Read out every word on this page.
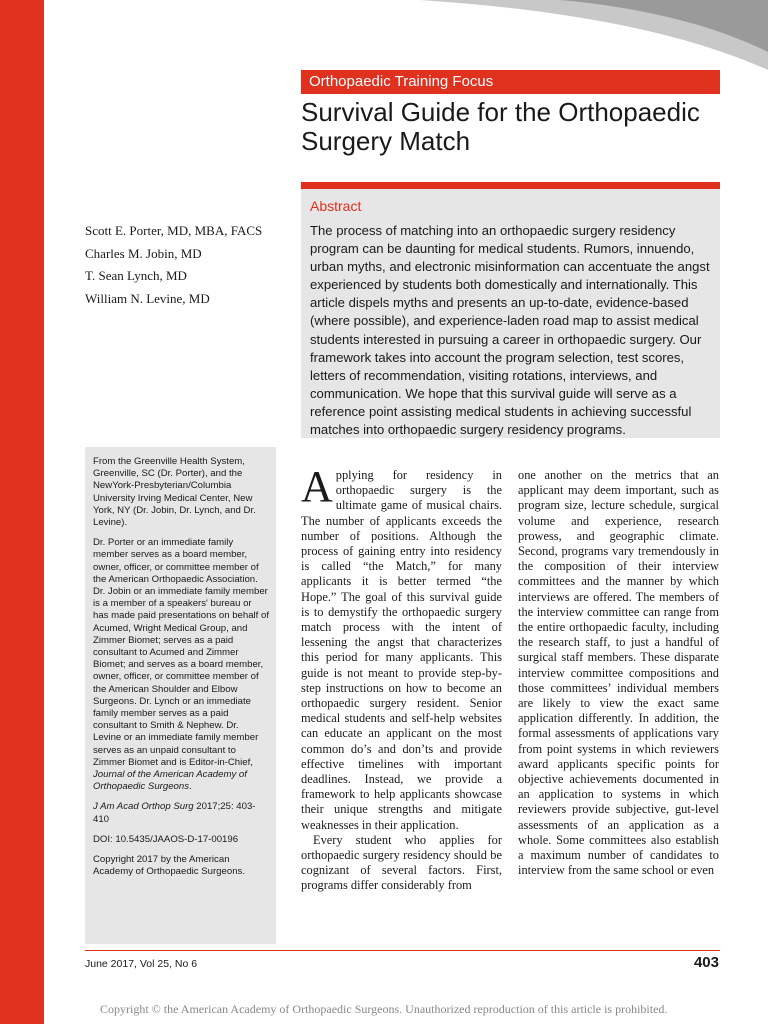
Orthopaedic Training Focus
Survival Guide for the Orthopaedic
Surgery Match
Abstract
The process of matching into an orthopaedic surgery residency program can be daunting for medical students. Rumors, innuendo, urban myths, and electronic misinformation can accentuate the angst experienced by students both domestically and internationally. This article dispels myths and presents an up-to-date, evidence-based (where possible), and experience-laden road map to assist medical students interested in pursuing a career in orthopaedic surgery. Our framework takes into account the program selection, test scores, letters of recommendation, visiting rotations, interviews, and communication. We hope that this survival guide will serve as a reference point assisting medical students in achieving successful matches into orthopaedic surgery residency programs.
Scott E. Porter, MD, MBA, FACS
Charles M. Jobin, MD
T. Sean Lynch, MD
William N. Levine, MD

From the Greenville Health System, Greenville, SC (Dr. Porter), and the NewYork-Presbyterian/Columbia University Irving Medical Center, New York, NY (Dr. Jobin, Dr. Lynch, and Dr. Levine).

Dr. Porter or an immediate family member serves as a board member, owner, officer, or committee member of the American Orthopaedic Association. Dr. Jobin or an immediate family member is a member of a speakers' bureau or has made paid presentations on behalf of Acumed, Wright Medical Group, and Zimmer Biomet; serves as a paid consultant to Acumed and Zimmer Biomet; and serves as a board member, owner, officer, or committee member of the American Shoulder and Elbow Surgeons. Dr. Lynch or an immediate family member serves as a paid consultant to Smith & Nephew. Dr. Levine or an immediate family member serves as an unpaid consultant to Zimmer Biomet and is Editor-in-Chief, Journal of the American Academy of Orthopaedic Surgeons.

J Am Acad Orthop Surg 2017;25: 403-410

DOI: 10.5435/JAAOS-D-17-00196

Copyright 2017 by the American Academy of Orthopaedic Surgeons.

Applying for residency in orthopaedic surgery is the ultimate game of musical chairs. The number of applicants exceeds the number of positions. Although the process of gaining entry into residency is called “the Match,” for many applicants it is better termed “the Hope.” The goal of this survival guide is to demystify the orthopaedic surgery match process with the intent of lessening the angst that characterizes this period for many applicants. This guide is not meant to provide step-by-step instructions on how to become an orthopaedic surgery resident. Senior medical students and self-help websites can educate an applicant on the most common do’s and don’ts and provide effective timelines with important deadlines. Instead, we provide a framework to help applicants showcase their unique strengths and mitigate weaknesses in their application.

Every student who applies for orthopaedic surgery residency should be cognizant of several factors. First, programs differ considerably from

one another on the metrics that an applicant may deem important, such as program size, lecture schedule, surgical volume and experience, research prowess, and geographic climate. Second, programs vary tremendously in the composition of their interview committees and the manner by which interviews are offered. The members of the interview committee can range from the entire orthopaedic faculty, including the research staff, to just a handful of surgical staff members. These disparate interview committee compositions and those committees’ individual members are likely to view the exact same application differently. In addition, the formal assessments of applications vary from point systems in which reviewers award applicants specific points for objective achievements documented in an application to systems in which reviewers provide subjective, gut-level assessments of an application as a whole. Some committees also establish a maximum number of candidates to interview from the same school or even

June 2017, Vol 25, No 6	403
Copyright © the American Academy of Orthopaedic Surgeons. Unauthorized reproduction of this article is prohibited.
